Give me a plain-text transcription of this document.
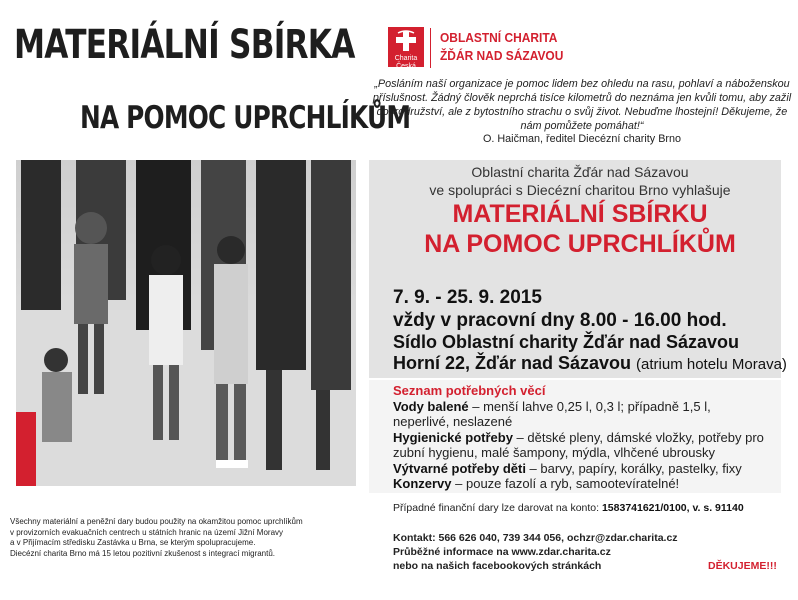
MATERIÁLNÍ SBÍRKA
NA POMOC UPRCHLÍKŮM
Charita Česká republika
OBLASTNÍ CHARITA
ŽĎÁR NAD SÁZAVOU
„Posláním naší organizace je pomoc lidem bez ohledu na rasu, pohlaví a náboženskou příslušnost. Žádný člověk neprchá tisíce kilometrů do neznáma jen kvůli tomu, aby zažil dobrodružství, ale z bytostního strachu o svůj život. Nebuďme lhostejní! Děkujeme, že nám pomůžete pomáhat!“
O. Haičman, ředitel Diecézní charity Brno
Oblastní charita Žďár nad Sázavou
ve spolupráci s Diecézní charitou Brno vyhlašuje
MATERIÁLNÍ SBÍRKU
NA POMOC UPRCHLÍKŮM
7. 9. - 25. 9. 2015
vždy v pracovní dny 8.00 - 16.00 hod.
Sídlo Oblastní charity Žďár nad Sázavou
Horní 22, Žďár nad Sázavou (atrium hotelu Morava)
Seznam potřebných věcí
Vody balené – menší lahve 0,25 l, 0,3 l; případně 1,5 l,
neperlivé, neslazené
Hygienické potřeby – dětské pleny, dámské vložky, potřeby pro
zubní hygienu, malé šampony, mýdla, vlhčené ubrousky
Výtvarné potřeby děti – barvy, papíry, korálky, pastelky, fixy
Konzervy – pouze fazolí a ryb, samootevíratelné!
Případné finanční dary lze darovat na konto: 1583741621/0100, v. s. 91140
Kontakt: 566 626 040, 739 344 056, ochzr@zdar.charita.cz
Průběžné informace na www.zdar.charita.cz
nebo na našich facebookových stránkách	DĚKUJEME!!!
Všechny materiální a peněžní dary budou použity na okamžitou pomoc uprchlíkům
v provizorních evakuačních centrech u státních hranic na území Jižní Moravy
a v Přijímacím středisku Zastávka u Brna, se kterým spolupracujeme.
Diecézní charita Brno má 15 letou pozitivní zkušenost s integrací migrantů.
